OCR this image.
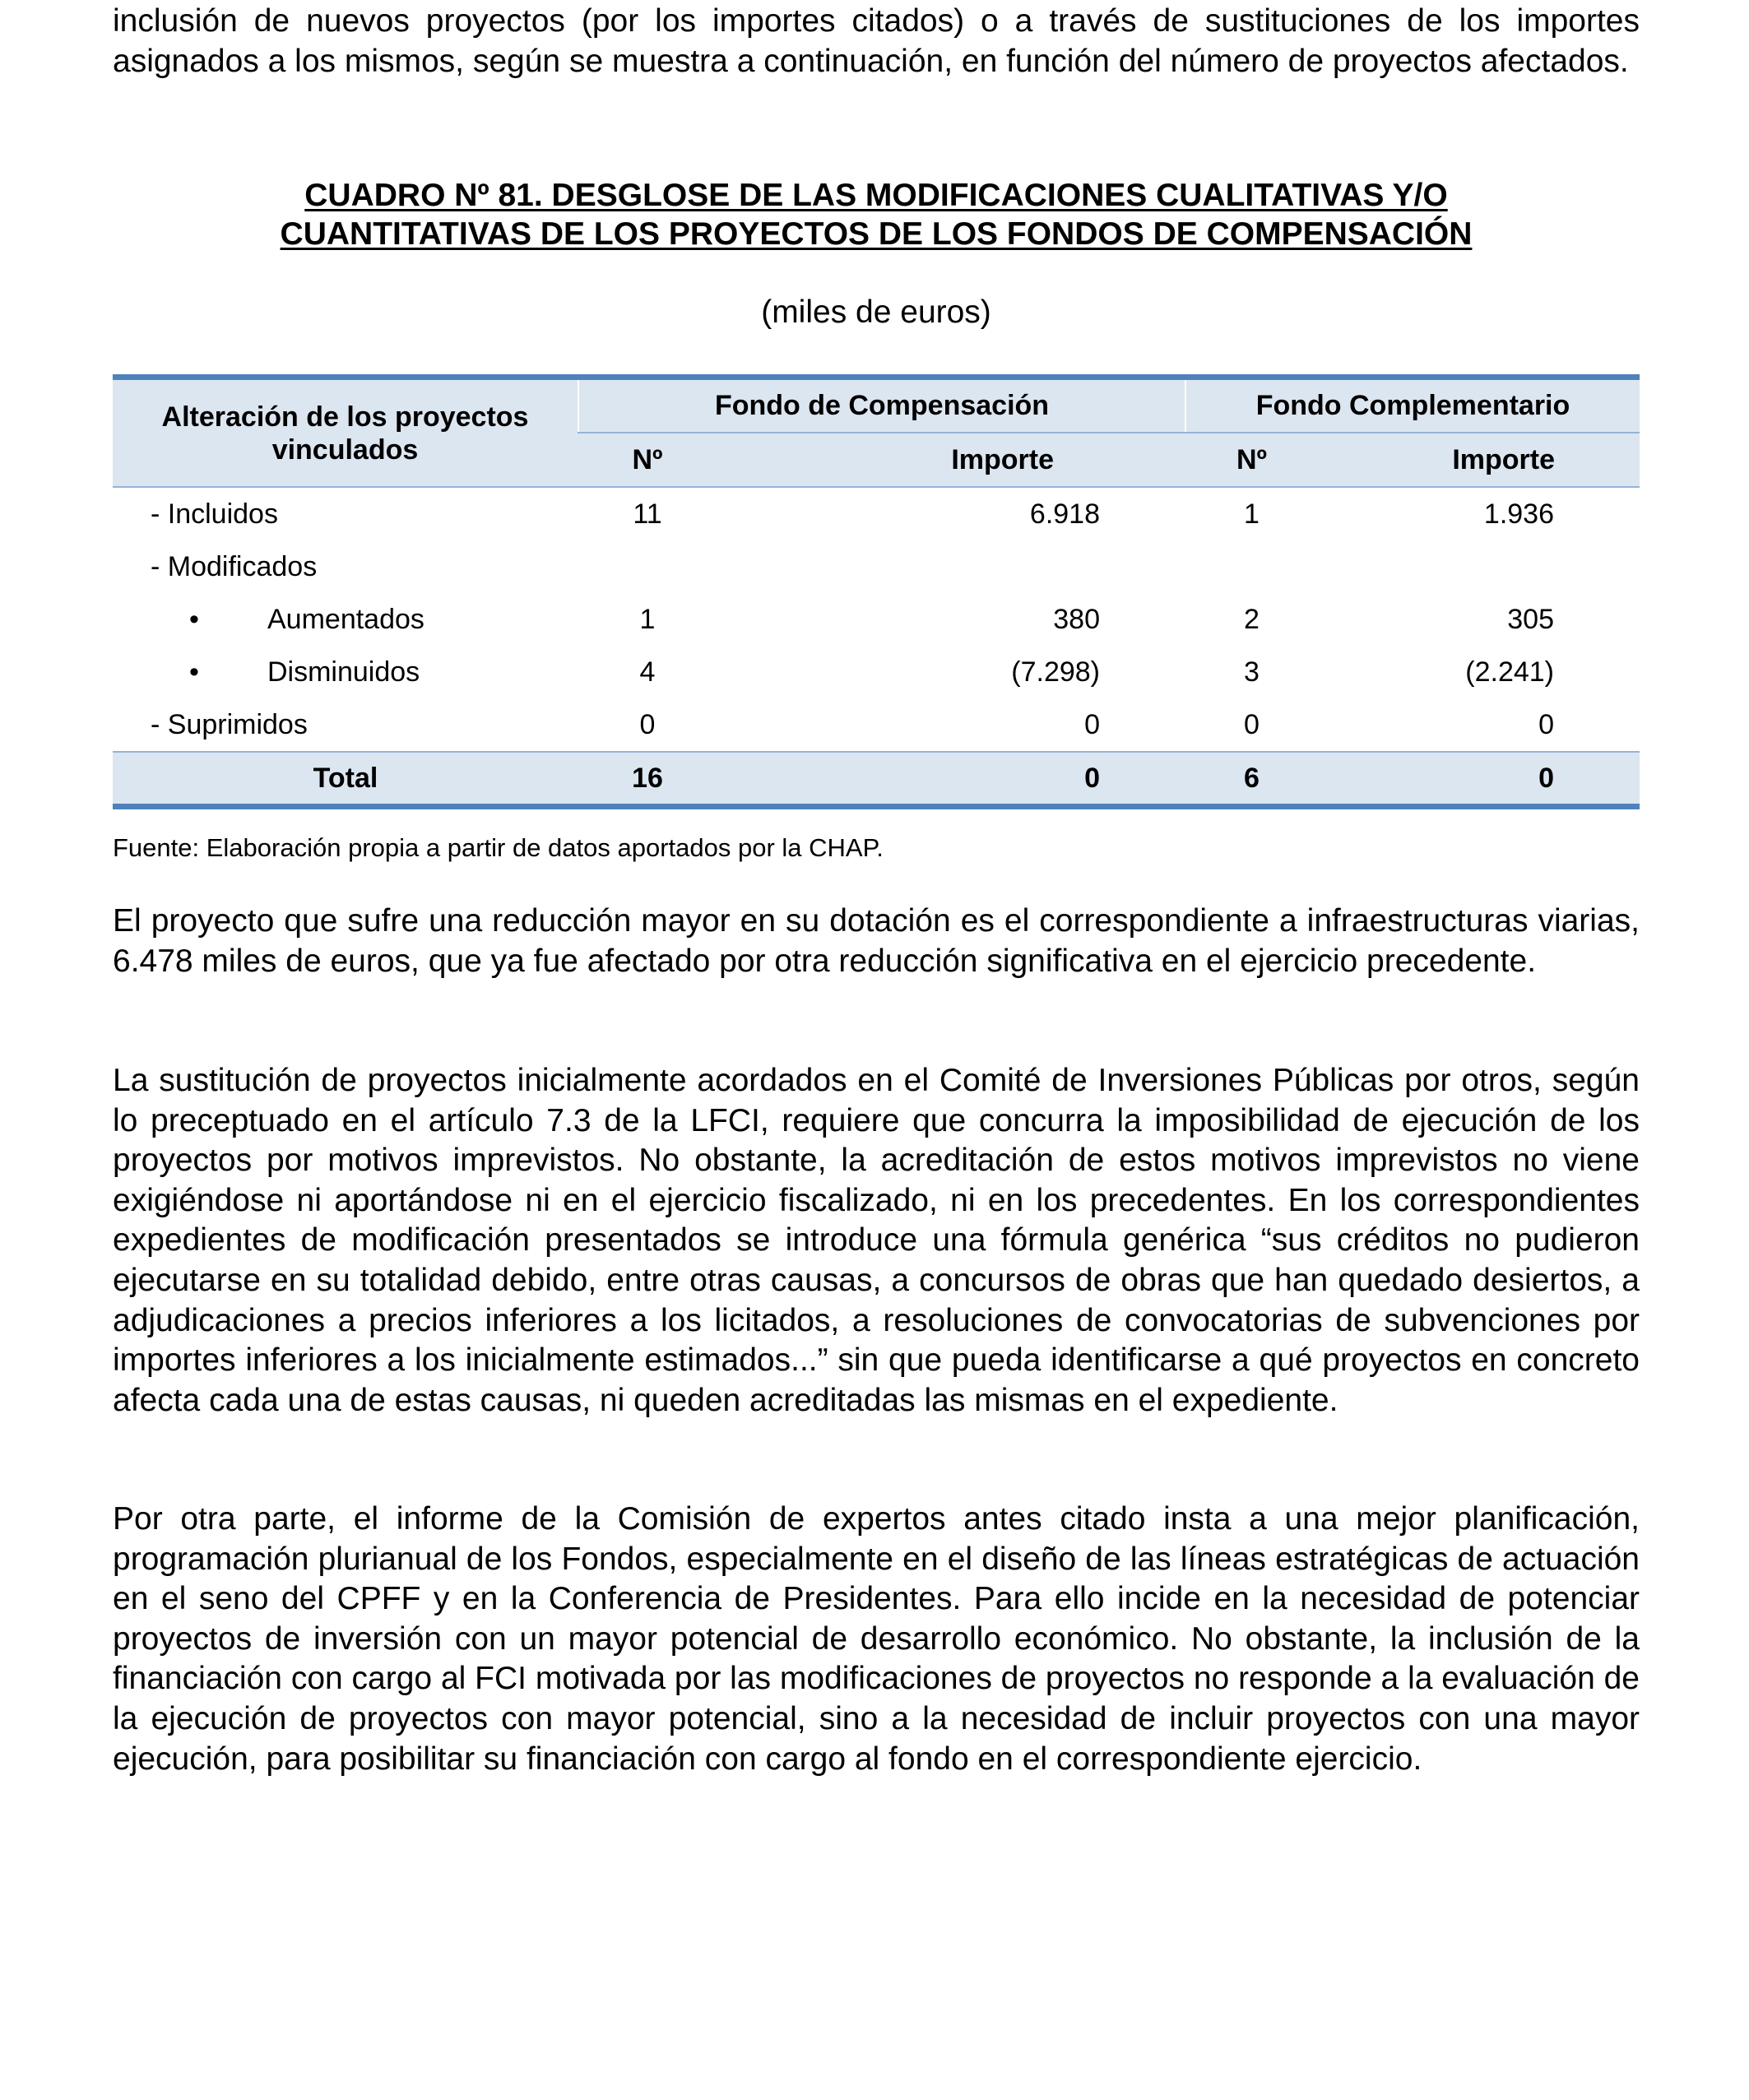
inclusión de nuevos proyectos (por los importes citados) o a través de sustituciones de los importes asignados a los mismos, según se muestra a continuación, en función del número de proyectos afectados.

CUADRO Nº 81. DESGLOSE DE LAS MODIFICACIONES CUALITATIVAS Y/O
CUANTITATIVAS DE LOS PROYECTOS DE LOS FONDOS DE COMPENSACIÓN
(miles de euros)
Alteración de los proyectos vinculados	Fondo de Compensación		Fondo Complementario	
	Nº	Importe	Nº	Importe
- Incluidos	11	6.918	1	1.936
- Modificados				
• Aumentados	1	380	2	305
• Disminuidos	4	(7.298)	3	(2.241)
- Suprimidos	0	0	0	0
Total	16	0	6	0
Fuente: Elaboración propia a partir de datos aportados por la CHAP.

El proyecto que sufre una reducción mayor en su dotación es el correspondiente a infraestructuras viarias, 6.478 miles de euros, que ya fue afectado por otra reducción significativa en el ejercicio precedente.

La sustitución de proyectos inicialmente acordados en el Comité de Inversiones Públicas por otros, según lo preceptuado en el artículo 7.3 de la LFCI, requiere que concurra la imposibilidad de ejecución de los proyectos por motivos imprevistos. No obstante, la acreditación de estos motivos imprevistos no viene exigiéndose ni aportándose ni en el ejercicio fiscalizado, ni en los precedentes. En los correspondientes expedientes de modificación presentados se introduce una fórmula genérica “sus créditos no pudieron ejecutarse en su totalidad debido, entre otras causas, a concursos de obras que han quedado desiertos, a adjudicaciones a precios inferiores a los licitados, a resoluciones de convocatorias de subvenciones por importes inferiores a los inicialmente estimados...” sin que pueda identificarse a qué proyectos en concreto afecta cada una de estas causas, ni queden acreditadas las mismas en el expediente.

Por otra parte, el informe de la Comisión de expertos antes citado insta a una mejor planificación, programación plurianual de los Fondos, especialmente en el diseño de las líneas estratégicas de actuación en el seno del CPFF y en la Conferencia de Presidentes. Para ello incide en la necesidad de potenciar proyectos de inversión con un mayor potencial de desarrollo económico. No obstante, la inclusión de la financiación con cargo al FCI motivada por las modificaciones de proyectos no responde a la evaluación de la ejecución de proyectos con mayor potencial, sino a la necesidad de incluir proyectos con una mayor ejecución, para posibilitar su financiación con cargo al fondo en el correspondiente ejercicio.
